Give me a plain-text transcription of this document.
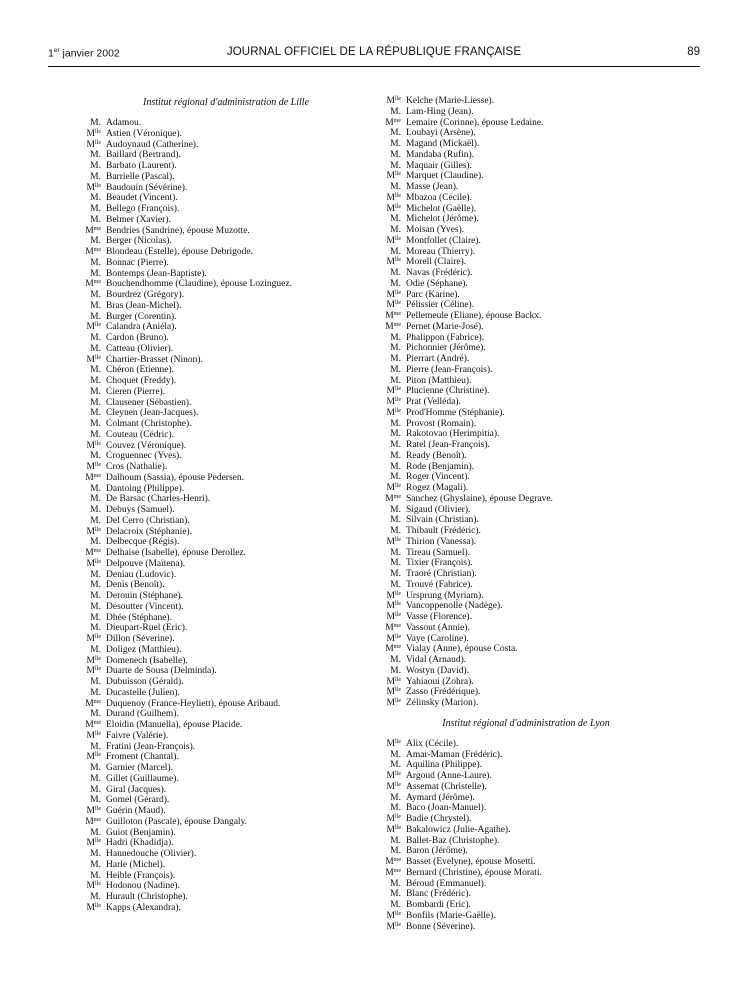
1er janvier 2002	JOURNAL OFFICIEL DE LA RÉPUBLIQUE FRANÇAISE	89
Institut régional d'administration de Lille
M. Adamou.
$M^{lle}$ Astien (Véronique).
$M^{lle}$ Audoynaud (Catherine).
M. Baillard (Bertrand).
M. Barbato (Laurent).
M. Barrielle (Pascal).
$M^{lle}$ Baudouin (Sévérine).
M. Beaudet (Vincent).
M. Bellego (François).
M. Belmer (Xavier).
$M^{me}$ Bendries (Sandrine), épouse Muzotte.
M. Berger (Nicolas).
$M^{me}$ Blondeau (Estelle), épouse Debrigode.
M. Bonnac (Pierre).
M. Bontemps (Jean-Baptiste).
$M^{me}$ Bouchendhomme (Claudine), épouse Lozinguez.
M. Bourdrez (Grégory).
M. Bras (Jean-Michel).
M. Burger (Corentin).
$M^{lle}$ Calandra (Aniéla).
M. Cardon (Bruno).
M. Catteau (Olivier).
$M^{lle}$ Chartier-Brasset (Ninon).
M. Chéron (Etienne).
M. Choquet (Freddy).
M. Cieren (Pierre).
M. Clausener (Sébastien).
M. Cleynen (Jean-Jacques).
M. Colmant (Christophe).
M. Couteau (Cédric).
$M^{lle}$ Couvez (Véronique).
M. Croguennec (Yves).
$M^{lle}$ Cros (Nathalie).
$M^{me}$ Dalhoum (Sassia), épouse Pedersen.
M. Dantoing (Philippe).
M. De Barsac (Charles-Henri).
M. Debuys (Samuel).
M. Del Cerro (Christian).
$M^{lle}$ Delacroix (Stéphanie).
M. Delbecque (Régis).
$M^{me}$ Delhaise (Isabelle), épouse Derollez.
$M^{lle}$ Delpouve (Maïtena).
M. Deniau (Ludovic).
M. Denis (Benoît).
M. Derouin (Stéphane).
M. Desoutter (Vincent).
M. Dhée (Stéphane).
M. Dieupart-Ruel (Eric).
$M^{lle}$ Dillon (Séverine).
M. Doligez (Matthieu).
$M^{lle}$ Domenech (Isabelle).
$M^{lle}$ Duarte de Sousa (Delminda).
M. Dubuisson (Gérald).
M. Ducastelle (Julien).
$M^{me}$ Duquenoy (France-Heyliett), épouse Aribaud.
M. Durand (Guilhem).
$M^{me}$ Eloidin (Manuella), épouse Placide.
$M^{lle}$ Faivre (Valérie).
M. Fratini (Jean-François).
$M^{lle}$ Froment (Chantal).
M. Garnier (Marcel).
M. Gillet (Guillaume).
M. Giral (Jacques).
M. Gomel (Gérard).
$M^{lle}$ Guérin (Maud).
$M^{me}$ Guilloton (Pascale), épouse Dangaly.
M. Guiot (Benjamin).
$M^{lle}$ Hadri (Khadidja).
M. Hannedouche (Olivier).
M. Harle (Michel).
M. Heible (François).
$M^{lle}$ Hodonou (Nadine).
M. Hurault (Christophe).
$M^{lle}$ Kapps (Alexandra).
$M^{lle}$ Kelche (Marie-Liesse).
M. Lam-Hing (Jean).
$M^{me}$ Lemaire (Corinne), épouse Ledaine.
M. Loubayi (Arsène).
M. Magand (Mickaël).
M. Mandaba (Rufin).
M. Maquair (Gilles).
$M^{lle}$ Marquet (Claudine).
M. Masse (Jean).
$M^{lle}$ Mbazoa (Cécile).
$M^{lle}$ Michelot (Gaëlle).
M. Michelot (Jérôme).
M. Moisan (Yves).
$M^{lle}$ Montfollet (Claire).
M. Moreau (Thierry).
$M^{lle}$ Morell (Claire).
M. Navas (Frédéric).
M. Odie (Séphane).
$M^{lle}$ Parc (Karine).
$M^{lle}$ Pélissier (Céline).
$M^{me}$ Pellemeule (Eliane), épouse Backx.
$M^{me}$ Pernet (Marie-José).
M. Phalippon (Fabrice).
M. Pichonnier (Jérôme).
M. Pierrart (André).
M. Pierre (Jean-François).
M. Piton (Matthieu).
$M^{lle}$ Plucienne (Christine).
$M^{lle}$ Prat (Velléda).
$M^{lle}$ Prod'Homme (Stéphanie).
M. Provost (Romain).
M. Rakotovao (Herimpitia).
M. Ratel (Jean-François).
M. Ready (Benoît).
M. Rode (Benjamin).
M. Roger (Vincent).
$M^{lle}$ Rogez (Magali).
$M^{me}$ Sanchez (Ghyslaine), épouse Degrave.
M. Sigaud (Olivier).
M. Silvain (Christian).
M. Thibault (Frédéric).
$M^{lle}$ Thirion (Vanessa).
M. Tireau (Samuel).
M. Tixier (François).
M. Traoré (Christian).
M. Trouvé (Fabrice).
$M^{lle}$ Ursprung (Myriam).
$M^{lle}$ Vancoppenolle (Nadège).
$M^{lle}$ Vasse (Florence).
$M^{me}$ Vassout (Annie).
$M^{lle}$ Vaye (Caroline).
$M^{me}$ Vialay (Anne), épouse Costa.
M. Vidal (Arnaud).
M. Wostyn (David).
$M^{lle}$ Yahiaoui (Zohra).
$M^{lle}$ Zasso (Frédérique).
$M^{lle}$ Zélinsky (Marion).
Institut régional d'administration de Lyon
$M^{lle}$ Alix (Cécile).
M. Amar-Maman (Frédéric).
M. Aquilina (Philippe).
$M^{lle}$ Argoud (Anne-Laure).
$M^{lle}$ Assemat (Christelle).
M. Aymard (Jérôme).
M. Baco (Joan-Manuel).
$M^{lle}$ Badie (Chrystel).
$M^{lle}$ Bakalowicz (Julie-Agathe).
M. Ballet-Baz (Christophe).
M. Baron (Jérôme).
$M^{me}$ Basset (Evelyne), épouse Mosetti.
$M^{me}$ Bernard (Christine), épouse Morati.
M. Béroud (Emmanuel).
M. Blanc (Frédéric).
M. Bombardi (Eric).
$M^{lle}$ Bonfils (Marie-Gaëlle).
$M^{lle}$ Bonne (Séverine).
